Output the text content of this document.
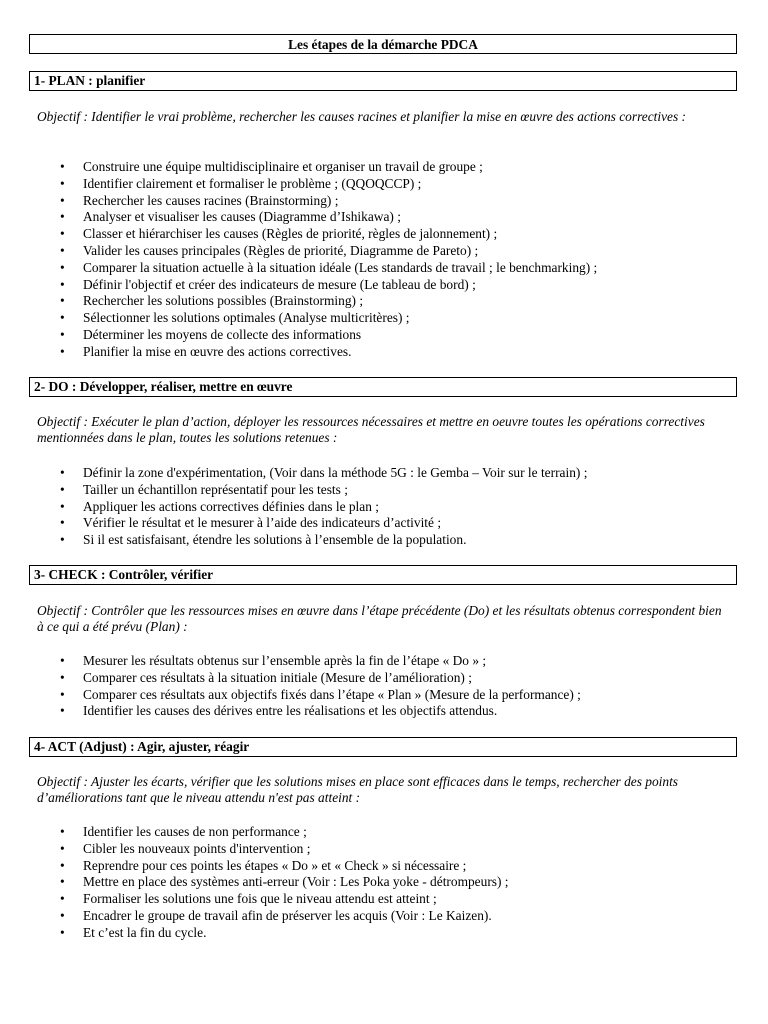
Les étapes de la démarche PDCA
1- PLAN : planifier

Objectif : Identifier le vrai problème, rechercher les causes racines et planifier la mise en œuvre des actions correctives :

• Construire une équipe multidisciplinaire et organiser un travail de groupe ;
• Identifier clairement et formaliser le problème ; (QQOQCCP) ;
• Rechercher les causes racines (Brainstorming) ;
• Analyser et visualiser les causes (Diagramme d’Ishikawa) ;
• Classer et hiérarchiser les causes (Règles de priorité, règles de jalonnement) ;
• Valider les causes principales (Règles de priorité, Diagramme de Pareto) ;
• Comparer la situation actuelle à la situation idéale (Les standards de travail ; le benchmarking) ;
• Définir l'objectif et créer des indicateurs de mesure (Le tableau de bord) ;
• Rechercher les solutions possibles (Brainstorming) ;
• Sélectionner les solutions optimales (Analyse multicritères) ;
• Déterminer les moyens de collecte des informations
• Planifier la mise en œuvre des actions correctives.
2- DO : Développer, réaliser, mettre en œuvre

Objectif : Exécuter le plan d’action, déployer les ressources nécessaires et mettre en oeuvre toutes les opérations correctives mentionnées dans le plan, toutes les solutions retenues :

• Définir la zone d'expérimentation, (Voir dans la méthode 5G : le Gemba – Voir sur le terrain) ;
• Tailler un échantillon représentatif pour les tests ;
• Appliquer les actions correctives définies dans le plan ;
• Vérifier le résultat et le mesurer à l’aide des indicateurs d’activité ;
• Si il est satisfaisant, étendre les solutions à l’ensemble de la population.
3- CHECK : Contrôler, vérifier

Objectif : Contrôler que les ressources mises en œuvre dans l’étape précédente (Do) et les résultats obtenus correspondent bien à ce qui a été prévu (Plan) :

• Mesurer les résultats obtenus sur l’ensemble après la fin de l’étape « Do » ;
• Comparer ces résultats à la situation initiale (Mesure de l’amélioration) ;
• Comparer ces résultats aux objectifs fixés dans l’étape « Plan » (Mesure de la performance) ;
• Identifier les causes des dérives entre les réalisations et les objectifs attendus.
4- ACT (Adjust) : Agir, ajuster, réagir

Objectif : Ajuster les écarts, vérifier que les solutions mises en place sont efficaces dans le temps, rechercher des points d’améliorations tant que le niveau attendu n'est pas atteint :

• Identifier les causes de non performance ;
• Cibler les nouveaux points d'intervention ;
• Reprendre pour ces points les étapes « Do » et « Check » si nécessaire ;
• Mettre en place des systèmes anti-erreur (Voir : Les Poka yoke - détrompeurs) ;
• Formaliser les solutions une fois que le niveau attendu est atteint ;
• Encadrer le groupe de travail afin de préserver les acquis (Voir : Le Kaizen).
• Et c’est la fin du cycle.
